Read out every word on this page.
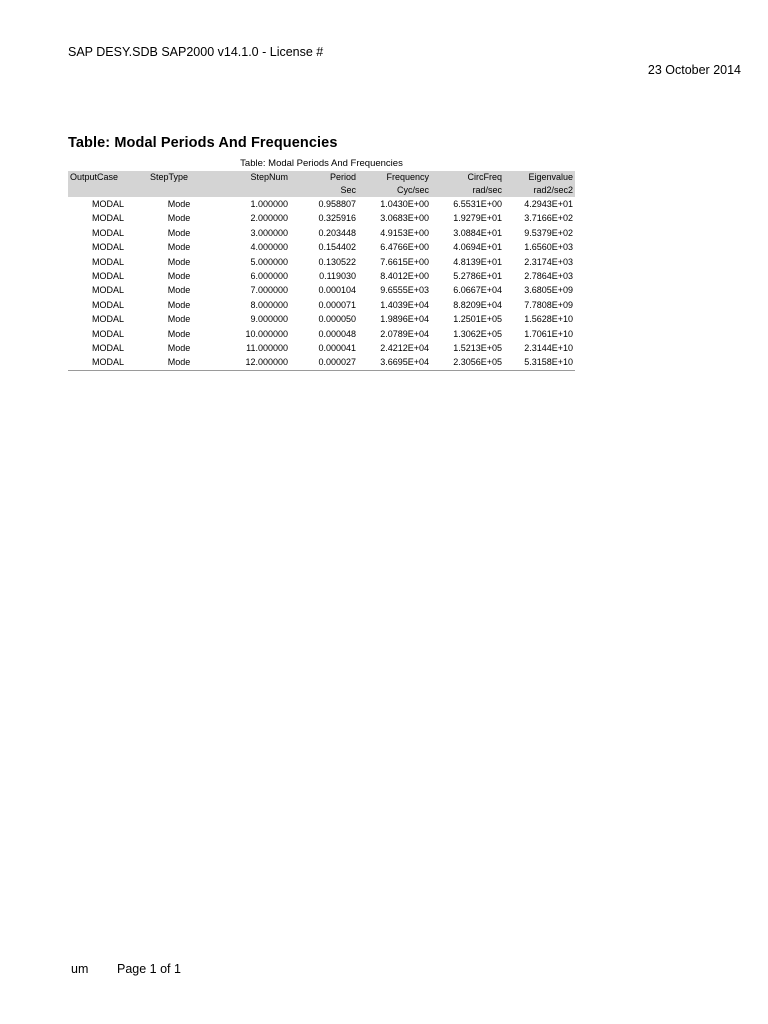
SAP DESY.SDB SAP2000 v14.1.0 - License #
23 October 2014
Table: Modal Periods And Frequencies
Table: Modal Periods And Frequencies
OutputCase	StepType	StepNum	Period	Frequency	CircFreq	Eigenvalue
			Sec	Cyc/sec	rad/sec	rad2/sec2
MODAL	Mode	1.000000	0.958807	1.0430E+00	6.5531E+00	4.2943E+01
MODAL	Mode	2.000000	0.325916	3.0683E+00	1.9279E+01	3.7166E+02
MODAL	Mode	3.000000	0.203448	4.9153E+00	3.0884E+01	9.5379E+02
MODAL	Mode	4.000000	0.154402	6.4766E+00	4.0694E+01	1.6560E+03
MODAL	Mode	5.000000	0.130522	7.6615E+00	4.8139E+01	2.3174E+03
MODAL	Mode	6.000000	0.119030	8.4012E+00	5.2786E+01	2.7864E+03
MODAL	Mode	7.000000	0.000104	9.6555E+03	6.0667E+04	3.6805E+09
MODAL	Mode	8.000000	0.000071	1.4039E+04	8.8209E+04	7.7808E+09
MODAL	Mode	9.000000	0.000050	1.9896E+04	1.2501E+05	1.5628E+10
MODAL	Mode	10.000000	0.000048	2.0789E+04	1.3062E+05	1.7061E+10
MODAL	Mode	11.000000	0.000041	2.4212E+04	1.5213E+05	2.3144E+10
MODAL	Mode	12.000000	0.000027	3.6695E+04	2.3056E+05	5.3158E+10
um Page 1 of 1
